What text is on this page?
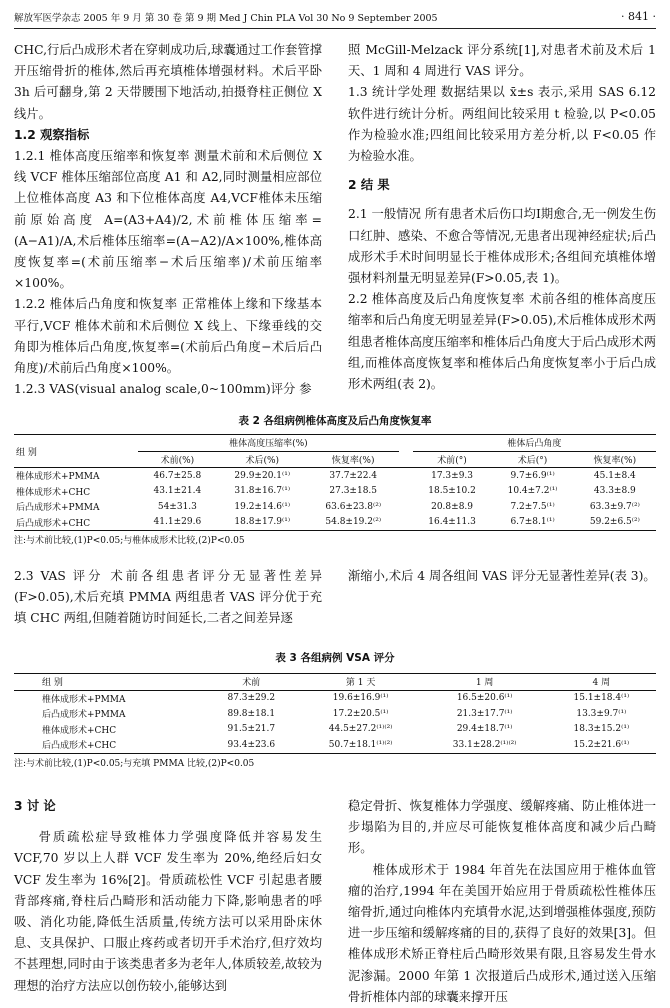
解放军医学杂志 2005 年 9 月 第 30 卷 第 9 期 Med J Chin PLA Vol 30 No 9 September 2005	· 841 ·

CHC,行后凸成形术者在穿刺成功后,球囊通过工作套管撑开压缩骨折的椎体,然后再充填椎体增强材料。术后平卧 3h 后可翻身,第 2 天带腰围下地活动,拍摄脊柱正侧位 X 线片。

1.2 观察指标

1.2.1 椎体高度压缩率和恢复率 测量术前和术后侧位 X 线 VCF 椎体压缩部位高度 A1 和 A2,同时测量相应部位上位椎体高度 A3 和下位椎体高度 A4,VCF椎体未压缩前原始高度 A=(A3+A4)/2,术前椎体压缩率=(A−A1)/A,术后椎体压缩率=(A−A2)/A×100%,椎体高度恢复率=(术前压缩率−术后压缩率)/术前压缩率×100%。

1.2.2 椎体后凸角度和恢复率 正常椎体上缘和下缘基本平行,VCF 椎体术前和术后侧位 X 线上、下缘垂线的交角即为椎体后凸角度,恢复率=(术前后凸角度−术后后凸角度)/术前后凸角度×100%。

1.2.3 VAS(visual analog scale,0~100mm)评分 参

照 McGill-Melzack 评分系统[1],对患者术前及术后 1 天、1 周和 4 周进行 VAS 评分。

1.3 统计学处理 数据结果以 x̄±s 表示,采用 SAS 6.12 软件进行统计分析。两组间比较采用 t 检验,以 P<0.05 作为检验水准;四组间比较采用方差分析,以 F<0.05 作为检验水准。

2 结 果

2.1 一般情况 所有患者术后伤口均I期愈合,无一例发生伤口红肿、感染、不愈合等情况,无患者出现神经症状;后凸成形术手术时间明显长于椎体成形术;各组间充填椎体增强材料剂量无明显差异(F>0.05,表 1)。

2.2 椎体高度及后凸角度恢复率 术前各组的椎体高度压缩率和后凸角度无明显差异(F>0.05),术后椎体成形术两组患者椎体高度压缩率和椎体后凸角度大于后凸成形术两组,而椎体高度恢复率和椎体后凸角度恢复率小于后凸成形术两组(表 2)。

表 2 各组病例椎体高度及后凸角度恢复率
组 别	椎体高度压缩率(%)				椎体后凸角度		
	术前(%)	术后(%)	恢复率(%)		术前(°)	术后(°)	恢复率(%)
椎体成形术+PMMA	46.7±25.8	29.9±20.1⁽¹⁾	37.7±22.4		17.3±9.3	9.7±6.9⁽¹⁾	45.1±8.4
椎体成形术+CHC	43.1±21.4	31.8±16.7⁽¹⁾	27.3±18.5		18.5±10.2	10.4±7.2⁽¹⁾	43.3±8.9
后凸成形术+PMMA	54±31.3	19.2±14.6⁽¹⁾	63.6±23.8⁽²⁾		20.8±8.9	7.2±7.5⁽¹⁾	63.3±9.7⁽²⁾
后凸成形术+CHC	41.1±29.6	18.8±17.9⁽¹⁾	54.8±19.2⁽²⁾		16.4±11.3	6.7±8.1⁽¹⁾	59.2±6.5⁽²⁾
注:与术前比较,(1)P<0.05;与椎体成形术比较,(2)P<0.05

2.3 VAS 评分 术前各组患者评分无显著性差异(F>0.05),术后充填 PMMA 两组患者 VAS 评分优于充填 CHC 两组,但随着随访时间延长,二者之间差异逐

渐缩小,术后 4 周各组间 VAS 评分无显著性差异(表 3)。

表 3 各组病例 VSA 评分
组 别	术前	第 1 天	1 周	4 周
椎体成形术+PMMA	87.3±29.2	19.6±16.9⁽¹⁾	16.5±20.6⁽¹⁾	15.1±18.4⁽¹⁾
后凸成形术+PMMA	89.8±18.1	17.2±20.5⁽¹⁾	21.3±17.7⁽¹⁾	13.3±9.7⁽¹⁾
椎体成形术+CHC	91.5±21.7	44.5±27.2⁽¹⁾⁽²⁾	29.4±18.7⁽¹⁾	18.3±15.2⁽¹⁾
后凸成形术+CHC	93.4±23.6	50.7±18.1⁽¹⁾⁽²⁾	33.1±28.2⁽¹⁾⁽²⁾	15.2±21.6⁽¹⁾
注:与术前比较,(1)P<0.05;与充填 PMMA 比较,(2)P<0.05

3 讨 论

骨质疏松症导致椎体力学强度降低并容易发生 VCF,70 岁以上人群 VCF 发生率为 20%,绝经后妇女 VCF 发生率为 16%[2]。骨质疏松性 VCF 引起患者腰背部疼痛,脊柱后凸畸形和活动能力下降,影响患者的呼吸、消化功能,降低生活质量,传统方法可以采用卧床休息、支具保护、口服止疼药或者切开手术治疗,但疗效均不甚理想,同时由于该类患者多为老年人,体质较差,故较为理想的治疗方法应以创伤较小,能够达到

稳定骨折、恢复椎体力学强度、缓解疼痛、防止椎体进一步塌陷为目的,并应尽可能恢复椎体高度和减少后凸畸形。

椎体成形术于 1984 年首先在法国应用于椎体血管瘤的治疗,1994 年在美国开始应用于骨质疏松性椎体压缩骨折,通过向椎体内充填骨水泥,达到增强椎体强度,预防进一步压缩和缓解疼痛的目的,获得了良好的效果[3]。但椎体成形术矫正脊柱后凸畸形效果有限,且容易发生骨水泥渗漏。2000 年第 1 次报道后凸成形术,通过送入压缩骨折椎体内部的球囊来撑开压
